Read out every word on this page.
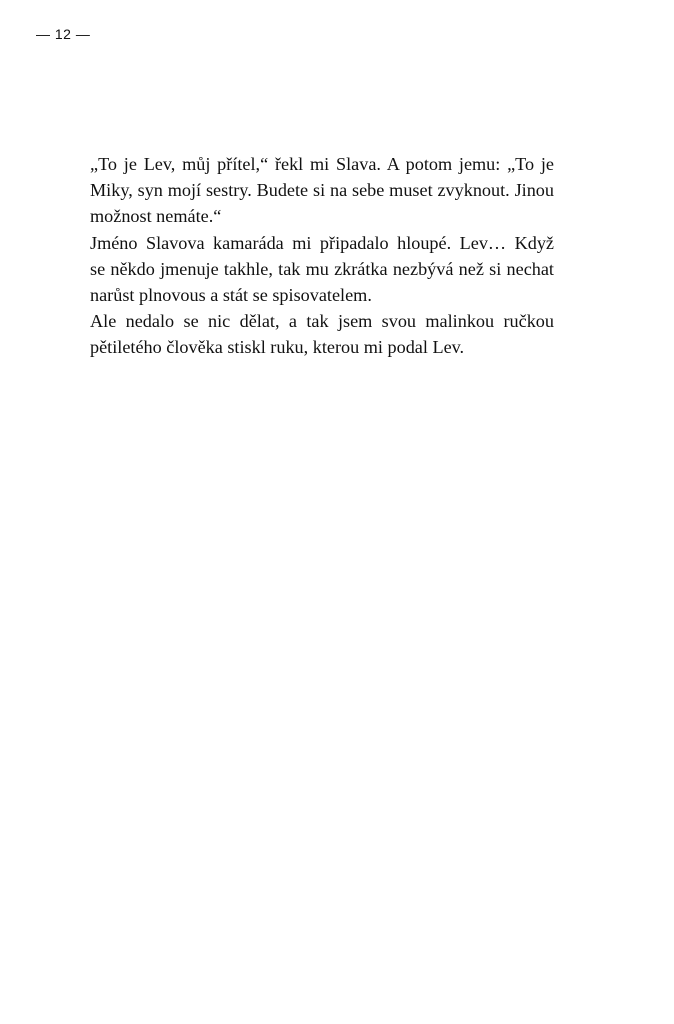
— 12 —

„To je Lev, můj přítel,“ řekl mi Slava. A potom jemu: „To je
Miky, syn mojí sestry. Budete si na sebe muset zvyknout. Jinou
možnost nemáte.“

Jméno Slavova kamaráda mi připadalo hloupé. Lev… Když
se někdo jmenuje takhle, tak mu zkrátka nezbývá než si nechat
narůst plnovous a stát se spisovatelem.

Ale nedalo se nic dělat, a tak jsem svou malinkou ručkou
pětiletého člověka stiskl ruku, kterou mi podal Lev.
